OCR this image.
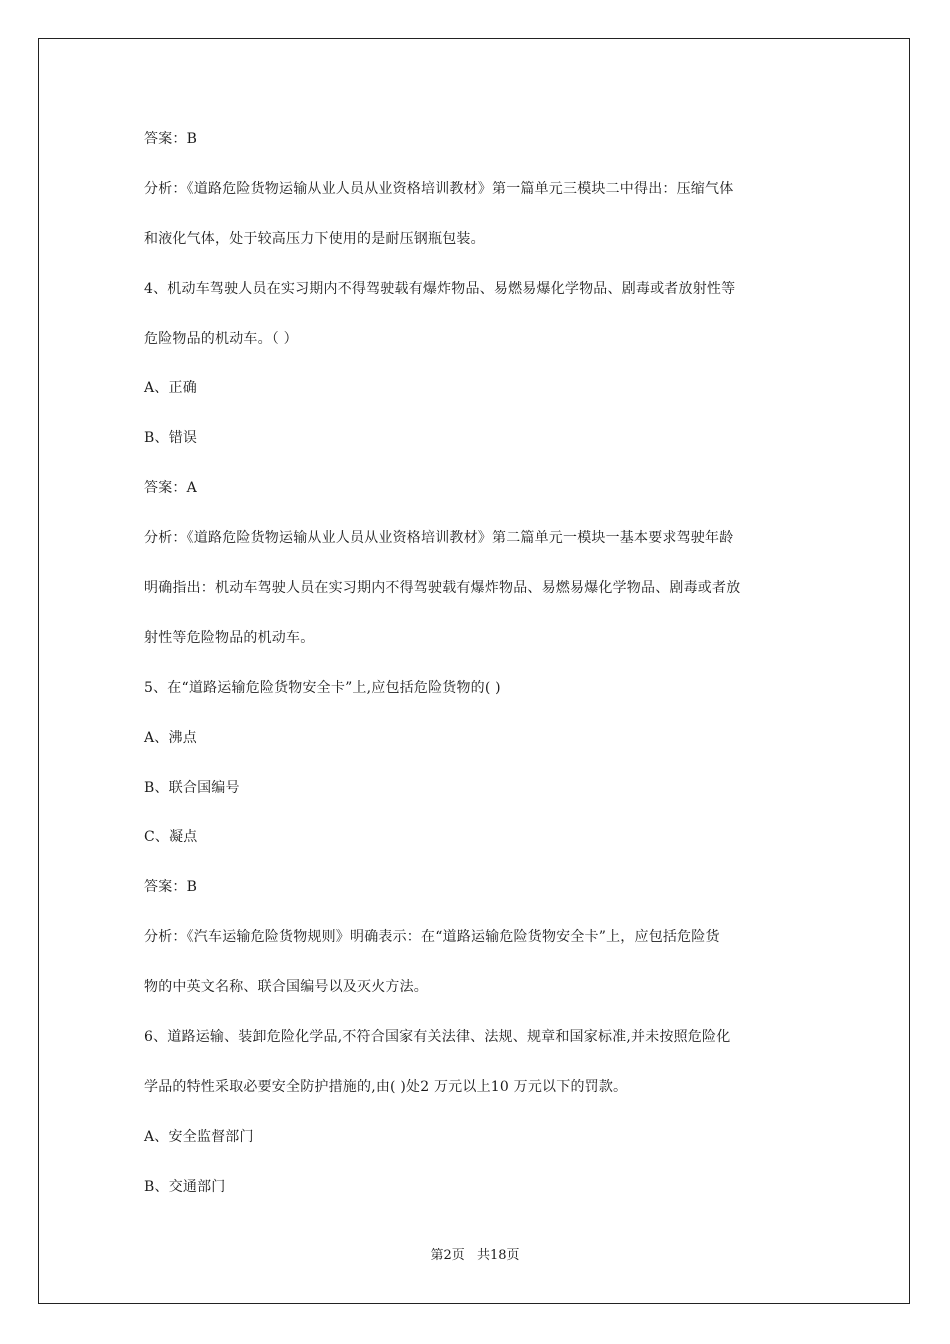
答案：B
分析：《道路危险货物运输从业人员从业资格培训教材》第一篇单元三模块二中得出：压缩气体
和液化气体，处于较高压力下使用的是耐压钢瓶包装。
4、机动车驾驶人员在实习期内不得驾驶载有爆炸物品、易燃易爆化学物品、剧毒或者放射性等
危险物品的机动车。（ ）
A、正确
B、错误
答案：A
分析：《道路危险货物运输从业人员从业资格培训教材》第二篇单元一模块一基本要求驾驶年龄
明确指出：机动车驾驶人员在实习期内不得驾驶载有爆炸物品、易燃易爆化学物品、剧毒或者放
射性等危险物品的机动车。
5、在“道路运输危险货物安全卡”上,应包括危险货物的( )
A、沸点
B、联合国编号
C、凝点
答案：B
分析：《汽车运输危险货物规则》明确表示：在“道路运输危险货物安全卡”上，应包括危险货
物的中英文名称、联合国编号以及灭火方法。
6、道路运输、装卸危险化学品,不符合国家有关法律、法规、规章和国家标准,并未按照危险化
学品的特性采取必要安全防护措施的,由( )处2 万元以上10 万元以下的罚款。
A、安全监督部门
B、交通部门
第2页 共18页
